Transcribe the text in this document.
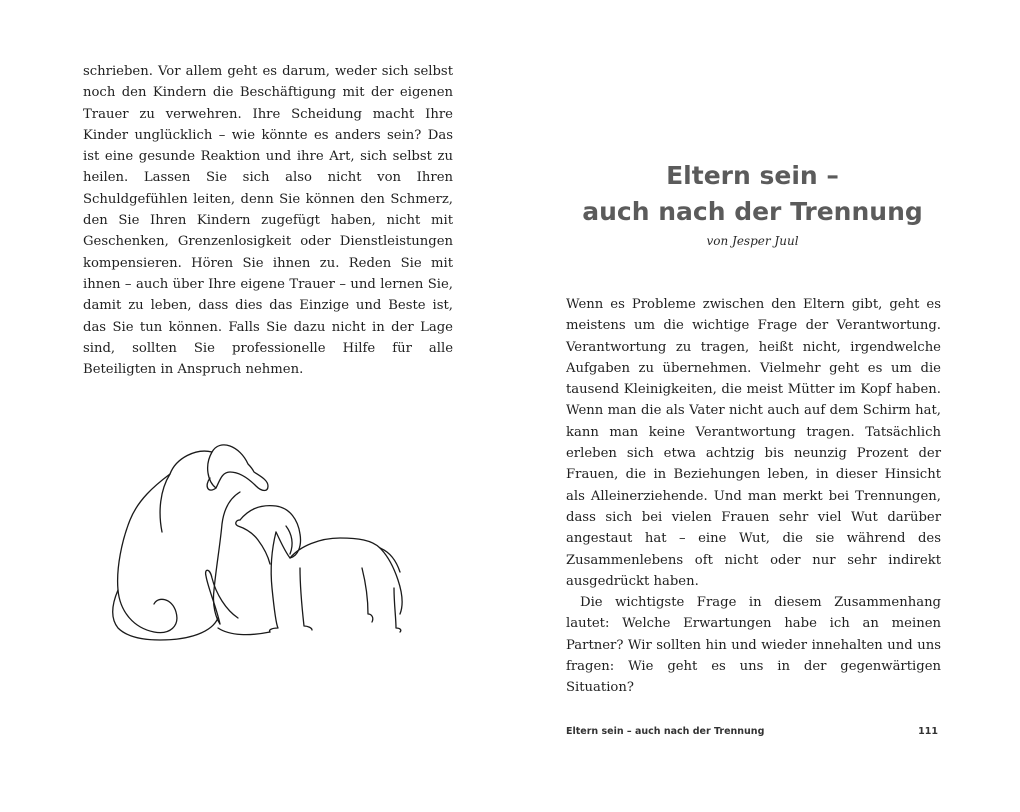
schrieben. Vor allem geht es darum, weder sich selbst noch den Kindern die Beschäftigung mit der eigenen Trauer zu verwehren. Ihre Scheidung macht Ihre Kinder unglücklich – wie könnte es anders sein? Das ist eine gesunde Reaktion und ihre Art, sich selbst zu heilen. Lassen Sie sich also nicht von Ihren Schuldgefühlen leiten, denn Sie können den Schmerz, den Sie Ihren Kindern zugefügt haben, nicht mit Geschenken, Grenzenlosigkeit oder Dienstleistungen kompensieren. Hören Sie ihnen zu. Reden Sie mit ihnen – auch über Ihre eigene Trauer – und lernen Sie, damit zu leben, dass dies das Einzige und Beste ist, das Sie tun können. Falls Sie dazu nicht in der Lage sind, sollten Sie professionelle Hilfe für alle Beteiligten in Anspruch nehmen.

Eltern sein –
auch nach der Trennung
von Jesper Juul

Wenn es Probleme zwischen den Eltern gibt, geht es meistens um die wichtige Frage der Verantwortung. Verantwortung zu tragen, heißt nicht, irgendwelche Aufgaben zu übernehmen. Vielmehr geht es um die tausend Kleinigkeiten, die meist Mütter im Kopf haben. Wenn man die als Vater nicht auch auf dem Schirm hat, kann man keine Verantwortung tragen. Tatsächlich erleben sich etwa achtzig bis neunzig Prozent der Frauen, die in Beziehungen leben, in dieser Hinsicht als Alleinerziehende. Und man merkt bei Trennungen, dass sich bei vielen Frauen sehr viel Wut darüber angestaut hat – eine Wut, die sie während des Zusammenlebens oft nicht oder nur sehr indirekt ausgedrückt haben.

Die wichtigste Frage in diesem Zusammenhang lautet: Welche Erwartungen habe ich an meinen Partner? Wir sollten hin und wieder innehalten und uns fragen: Wie geht es uns in der gegenwärtigen Situation?

Eltern sein – auch nach der Trennung	111
